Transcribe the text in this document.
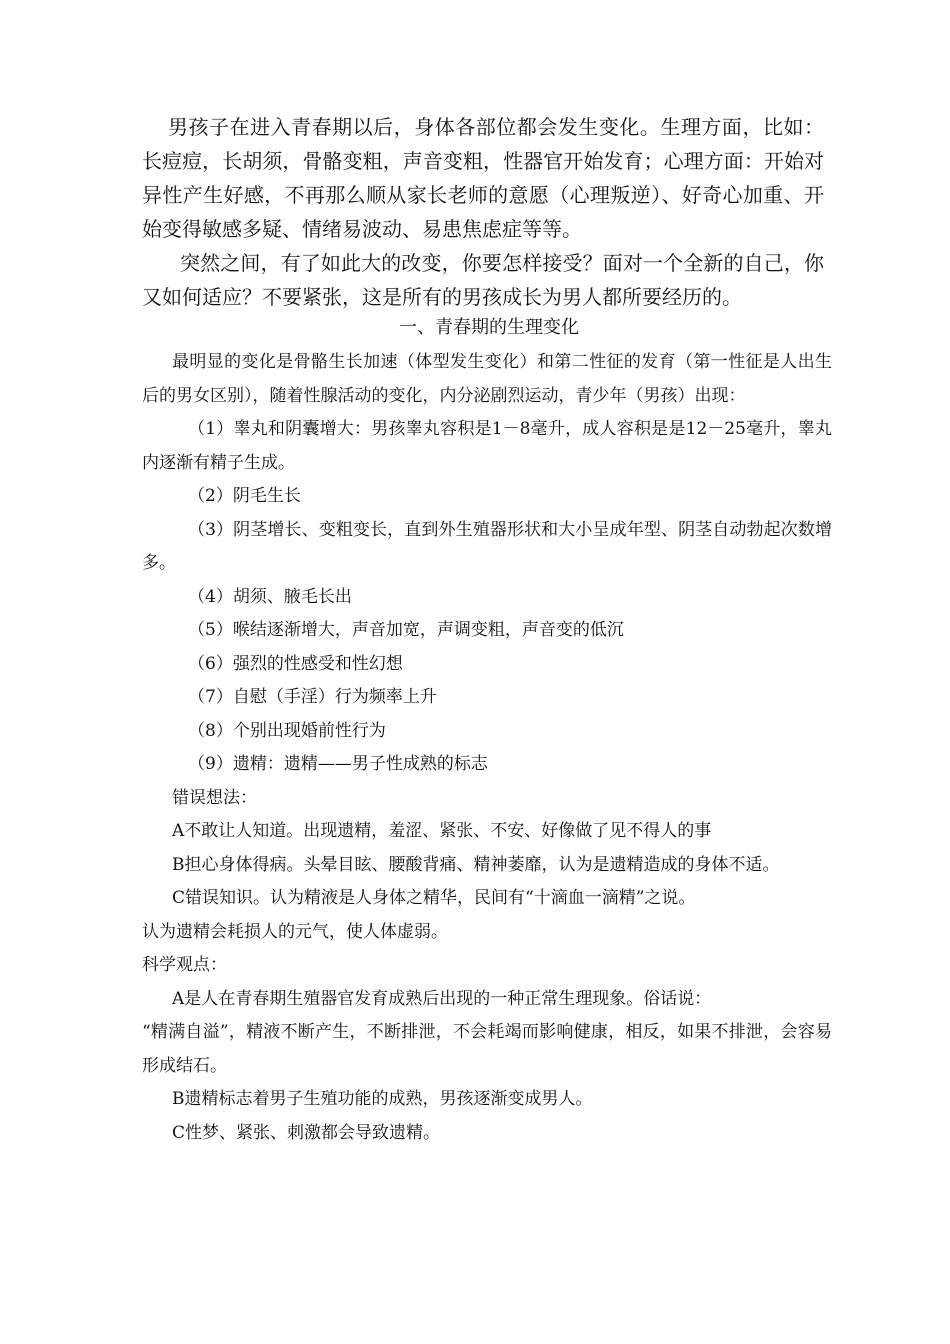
男孩子在进入青春期以后，身体各部位都会发生变化。生理方面，比如：长痘痘，长胡须，骨骼变粗，声音变粗，性器官开始发育；心理方面：开始对异性产生好感，不再那么顺从家长老师的意愿（心理叛逆）、好奇心加重、开始变得敏感多疑、情绪易波动、易患焦虑症等等。

突然之间，有了如此大的改变，你要怎样接受？面对一个全新的自己，你又如何适应？不要紧张，这是所有的男孩成长为男人都所要经历的。

一、青春期的生理变化

最明显的变化是骨骼生长加速（体型发生变化）和第二性征的发育（第一性征是人出生后的男女区别），随着性腺活动的变化，内分泌剧烈运动，青少年（男孩）出现：

（1）睾丸和阴囊增大：男孩睾丸容积是1－8毫升，成人容积是是12－25毫升，睾丸内逐渐有精子生成。

（2）阴毛生长

（3）阴茎增长、变粗变长，直到外生殖器形状和大小呈成年型、阴茎自动勃起次数增多。

（4）胡须、腋毛长出

（5）喉结逐渐增大，声音加宽，声调变粗，声音变的低沉

（6）强烈的性感受和性幻想

（7）自慰（手淫）行为频率上升

（8）个别出现婚前性行为

（9）遗精：遗精——男子性成熟的标志

错误想法：

A不敢让人知道。出现遗精，羞涩、紧张、不安、好像做了见不得人的事

B担心身体得病。头晕目眩、腰酸背痛、精神萎靡，认为是遗精造成的身体不适。

C错误知识。认为精液是人身体之精华，民间有“十滴血一滴精”之说。

认为遗精会耗损人的元气，使人体虚弱。

科学观点：

A是人在青春期生殖器官发育成熟后出现的一种正常生理现象。俗话说：

“精满自溢”，精液不断产生，不断排泄，不会耗竭而影响健康，相反，如果不排泄，会容易形成结石。

B遗精标志着男子生殖功能的成熟，男孩逐渐变成男人。

C性梦、紧张、刺激都会导致遗精。
